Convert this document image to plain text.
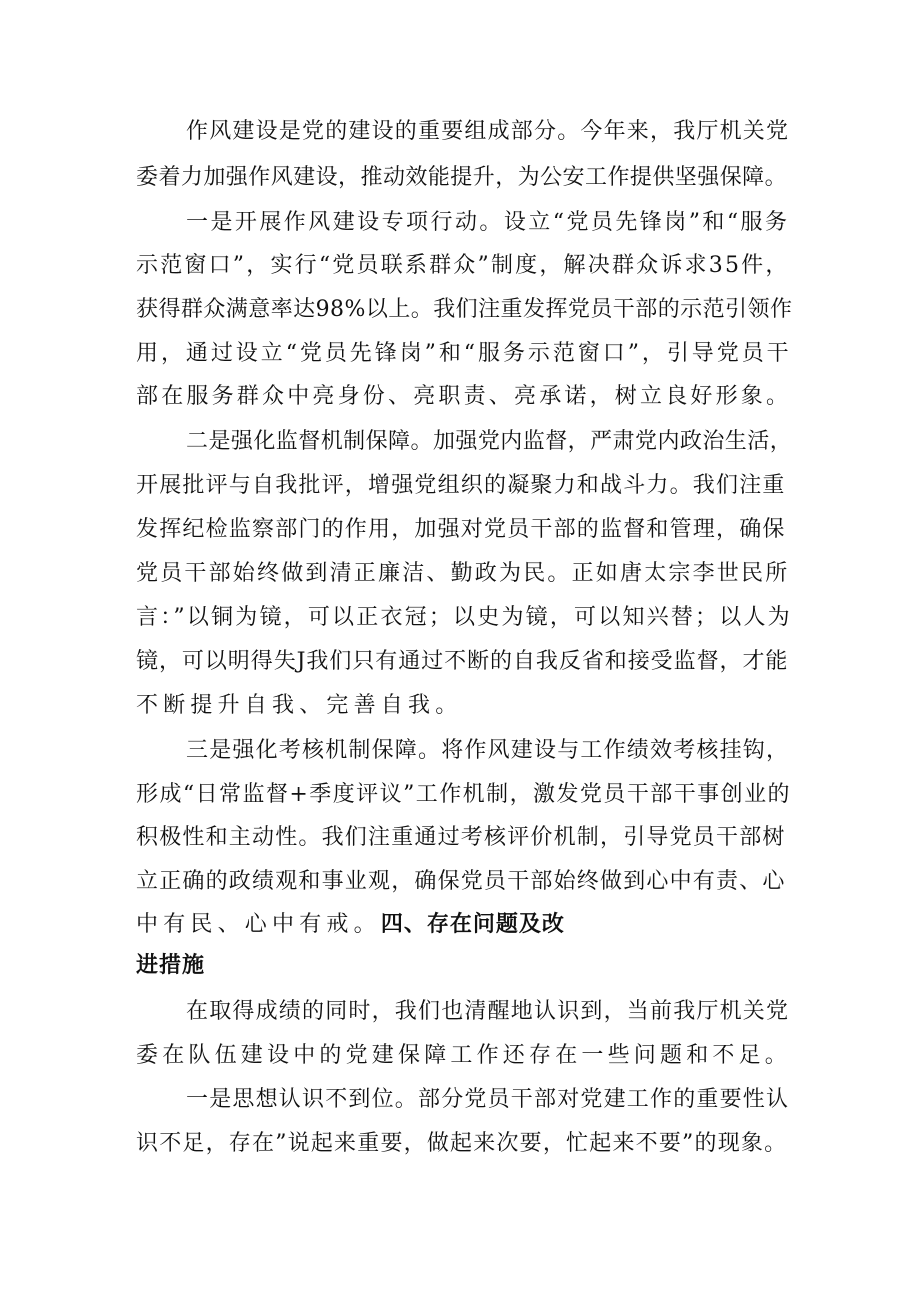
作风建设是党的建设的重要组成部分。今年来，我厅机关党
委着力加强作风建设，推动效能提升，为公安工作提供坚强保障。
一是开展作风建设专项行动。设立“党员先锋岗”和“服务
示范窗口”，实行“党员联系群众”制度，解决群众诉求35件，
获得群众满意率达98%以上。我们注重发挥党员干部的示范引领作
用，通过设立“党员先锋岗”和“服务示范窗口”，引导党员干
部在服务群众中亮身份、亮职责、亮承诺，树立良好形象。
二是强化监督机制保障。加强党内监督，严肃党内政治生活，
开展批评与自我批评，增强党组织的凝聚力和战斗力。我们注重
发挥纪检监察部门的作用，加强对党员干部的监督和管理，确保
党员干部始终做到清正廉洁、勤政为民。正如唐太宗李世民所
言：”以铜为镜，可以正衣冠；以史为镜，可以知兴替；以人为
镜，可以明得失J我们只有通过不断的自我反省和接受监督，才能
不断提升自我、完善自我。
三是强化考核机制保障。将作风建设与工作绩效考核挂钩，
形成“日常监督+季度评议”工作机制，激发党员干部干事创业的
积极性和主动性。我们注重通过考核评价机制，引导党员干部树
立正确的政绩观和事业观，确保党员干部始终做到心中有责、心
中有民、心中有戒。四、存在问题及改
进措施
在取得成绩的同时，我们也清醒地认识到，当前我厅机关党
委在队伍建设中的党建保障工作还存在一些问题和不足。
一是思想认识不到位。部分党员干部对党建工作的重要性认
识不足，存在”说起来重要，做起来次要，忙起来不要”的现象。
